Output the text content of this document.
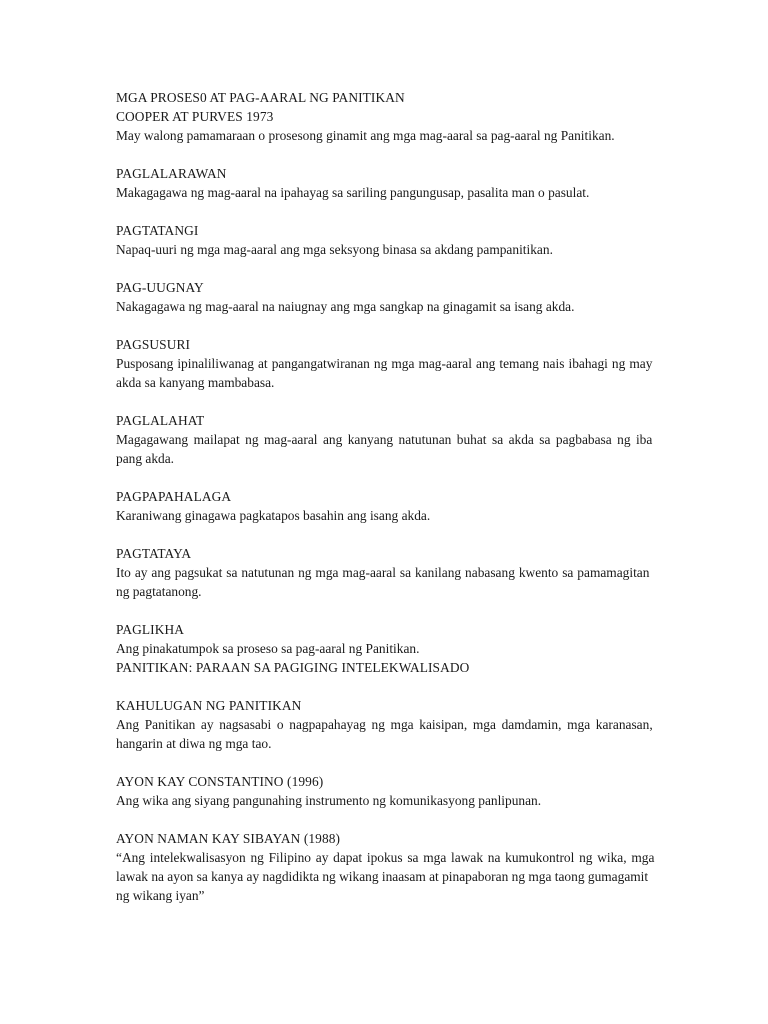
MGA PROSES0 AT PAG-AARAL NG PANITIKAN
COOPER AT PURVES 1973
May walong pamamaraan o prosesong ginamit ang mga mag-aaral sa pag-aaral ng Panitikan.
PAGLALARAWAN
Makagagawa ng mag-aaral na ipahayag sa sariling pangungusap, pasalita man o pasulat.
PAGTATANGI
Napaq-uuri ng mga mag-aaral ang mga seksyong binasa sa akdang pampanitikan.
PAG-UUGNAY
Nakagagawa ng mag-aaral na naiugnay ang mga sangkap na ginagamit sa isang akda.
PAGSUSURI
Pusposang ipinaliliwanag at pangangatwiranan ng mga mag-aaral ang temang nais ibahagi ng may
akda sa kanyang mambabasa.
PAGLALAHAT
Magagawang mailapat ng mag-aaral ang kanyang natutunan buhat sa akda sa pagbabasa ng iba
pang akda.
PAGPAPAHALAGA
Karaniwang ginagawa pagkatapos basahin ang isang akda.
PAGTATAYA
Ito ay ang pagsukat sa natutunan ng mga mag-aaral sa kanilang nabasang kwento sa pamamagitan
ng pagtatanong.
PAGLIKHA
Ang pinakatumpok sa proseso sa pag-aaral ng Panitikan.
PANITIKAN: PARAAN SA PAGIGING INTELEKWALISADO
KAHULUGAN NG PANITIKAN
Ang Panitikan ay nagsasabi o nagpapahayag ng mga kaisipan, mga damdamin, mga karanasan,
hangarin at diwa ng mga tao.
AYON KAY CONSTANTINO (1996)
Ang wika ang siyang pangunahing instrumento ng komunikasyong panlipunan.
AYON NAMAN KAY SIBAYAN (1988)
“Ang intelekwalisasyon ng Filipino ay dapat ipokus sa mga lawak na kumukontrol ng wika, mga
lawak na ayon sa kanya ay nagdidikta ng wikang inaasam at pinapaboran ng mga taong gumagamit
ng wikang iyan”
